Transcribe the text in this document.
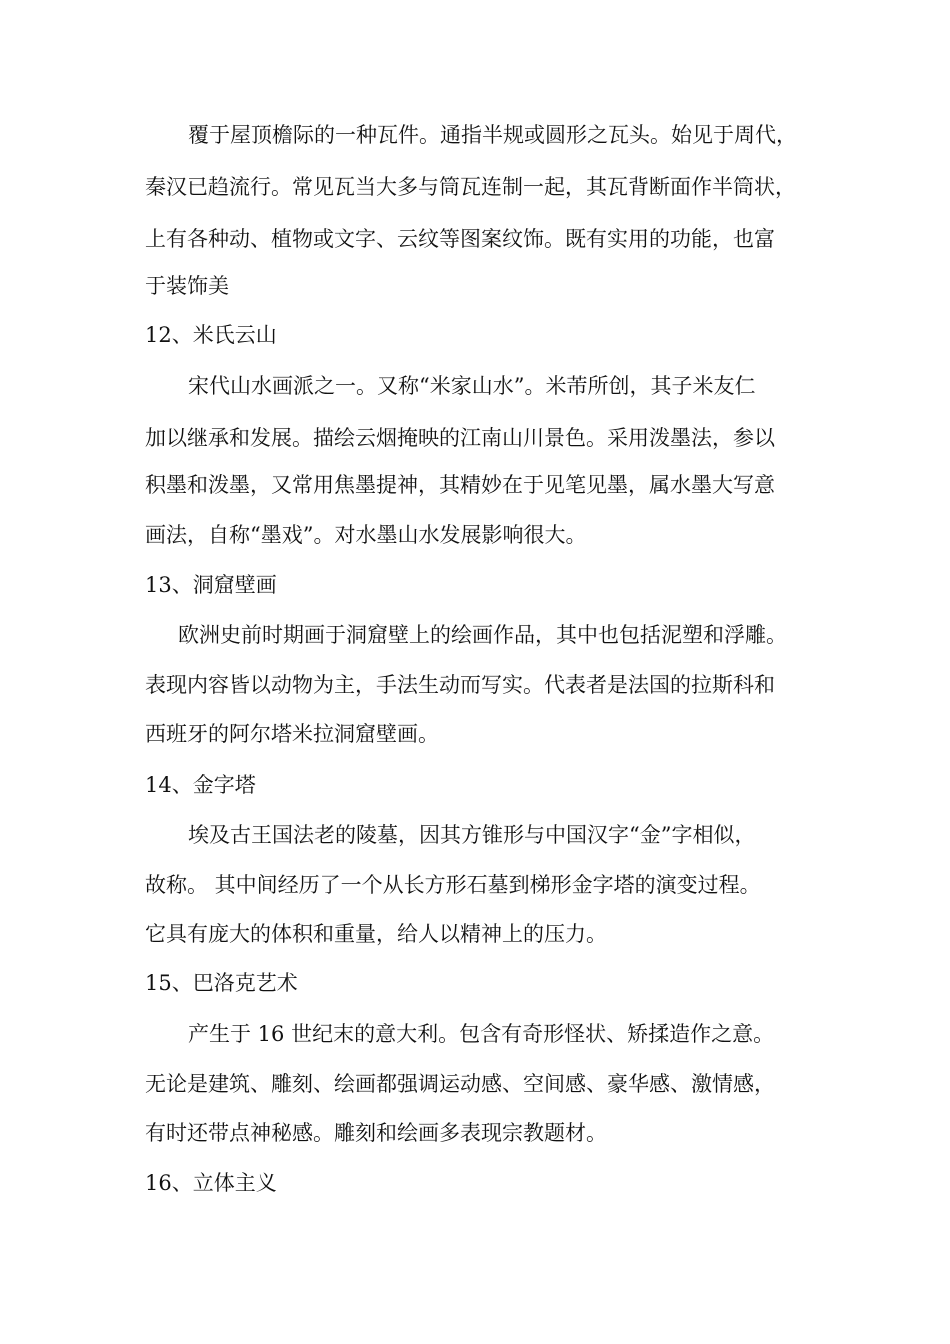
覆于屋顶檐际的一种瓦件。通指半规或圆形之瓦头。始见于周代，
秦汉已趋流行。常见瓦当大多与筒瓦连制一起，其瓦背断面作半筒状，
上有各种动、植物或文字、云纹等图案纹饰。既有实用的功能，也富
于装饰美
12、米氏云山
宋代山水画派之一。又称“米家山水”。米芾所创，其子米友仁
加以继承和发展。描绘云烟掩映的江南山川景色。采用泼墨法，参以
积墨和泼墨，又常用焦墨提神，其精妙在于见笔见墨，属水墨大写意
画法，自称“墨戏”。对水墨山水发展影响很大。
13、洞窟壁画
欧洲史前时期画于洞窟壁上的绘画作品，其中也包括泥塑和浮雕。
表现内容皆以动物为主，手法生动而写实。代表者是法国的拉斯科和
西班牙的阿尔塔米拉洞窟壁画。
14、金字塔
埃及古王国法老的陵墓，因其方锥形与中国汉字“金”字相似，
故称。 其中间经历了一个从长方形石墓到梯形金字塔的演变过程。
它具有庞大的体积和重量，给人以精神上的压力。
15、巴洛克艺术
产生于 16 世纪末的意大利。包含有奇形怪状、矫揉造作之意。
无论是建筑、雕刻、绘画都强调运动感、空间感、豪华感、激情感，
有时还带点神秘感。雕刻和绘画多表现宗教题材。
16、立体主义
